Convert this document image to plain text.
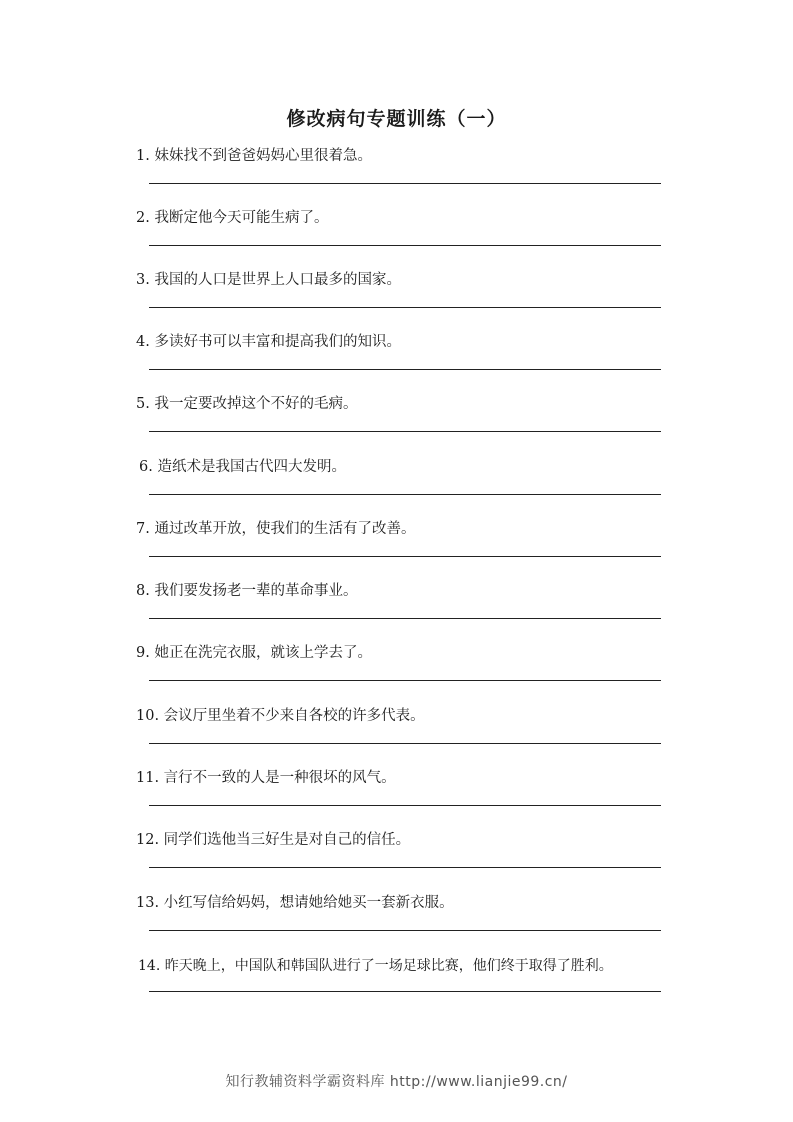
修改病句专题训练（一）
1. 妹妹找不到爸爸妈妈心里很着急。
2. 我断定他今天可能生病了。
3. 我国的人口是世界上人口最多的国家。
4. 多读好书可以丰富和提高我们的知识。
5. 我一定要改掉这个不好的毛病。
6. 造纸术是我国古代四大发明。
7. 通过改革开放，使我们的生活有了改善。
8. 我们要发扬老一辈的革命事业。
9. 她正在洗完衣服，就该上学去了。
10. 会议厅里坐着不少来自各校的许多代表。
11. 言行不一致的人是一种很坏的风气。
12. 同学们选他当三好生是对自己的信任。
13. 小红写信给妈妈，想请她给她买一套新衣服。
14. 昨天晚上，中国队和韩国队进行了一场足球比赛，他们终于取得了胜利。
知行教辅资料学霸资料库 http://www.lianjie99.cn/
